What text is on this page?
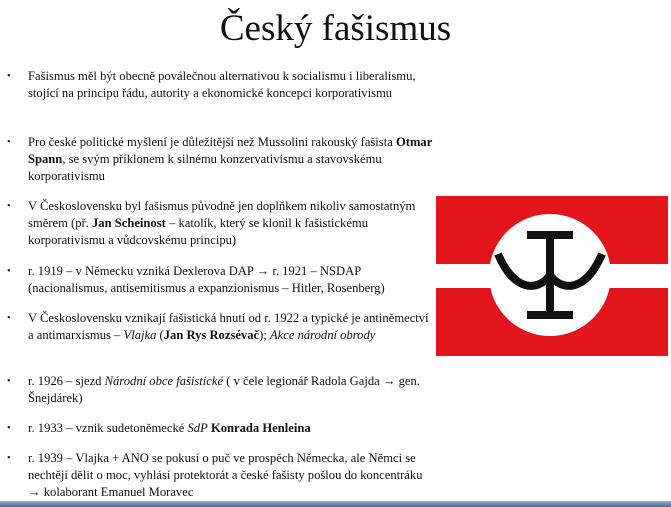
Český fašismus
• Fašismus měl být obecně poválečnou alternativou k socialismu i liberalismu, stojící na principu řádu, autority a ekonomické koncepci korporativismu
• Pro české politické myšlení je důležitější než Mussolini rakouský fašista Otmar Spann, se svým příklonem k silnému konzervativismu a stavovskému korporativismu
• V Československu byl fašismus původně jen doplňkem nikoliv samostatným směrem (př. Jan Scheinost – katolík, který se klonil k fašistickému korporativismu a vůdcovskému principu)
• r. 1919 – v Německu vzniká Dexlerova DAP → r. 1921 – NSDAP (nacionalismus, antisemitismus a expanzionismus – Hitler, Rosenberg)
• V Československu vznikají fašistická hnutí od r. 1922 a typické je antiněmectví a antimarxismus – Vlajka (Jan Rys Rozsévač); Akce národní obrody
• r. 1926 – sjezd Národní obce fašistické ( v čele legionář Radola Gajda → gen. Šnejdárek)
• r. 1933 – vznik sudetoněmecké SdP Konrada Henleina
• r. 1939 – Vlajka + ANO se pokusí o puč ve prospěch Německa, ale Němci se nechtějí dělit o moc, vyhlásí protektorát a české fašisty pošlou do koncentráku → kolaborant Emanuel Moravec
